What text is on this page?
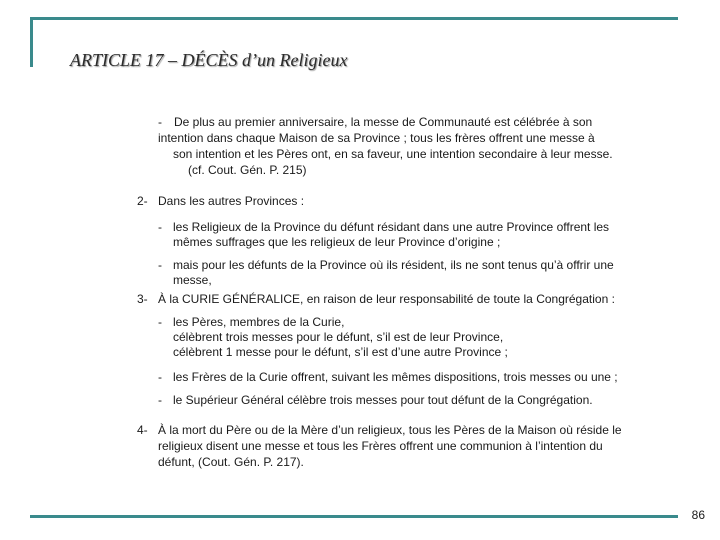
ARTICLE 17 – DÉCÈS d’un Religieux
- De plus au premier anniversaire, la messe de Communauté est célébrée à son
intention dans chaque Maison de sa Province ; tous les frères offrent une messe à
son intention et les Pères ont, en sa faveur, une intention secondaire à leur messe.
(cf. Cout. Gén. P. 215)
2- Dans les autres Provinces :
- les Religieux de la Province du défunt résidant dans une autre Province offrent les
mêmes suffrages que les religieux de leur Province d’origine ;
- mais pour les défunts de la Province où ils résident, ils ne sont tenus qu’à offrir une
messe,
3- À la CURIE GÉNÉRALICE, en raison de leur responsabilité de toute la Congrégation :
- les Pères, membres de la Curie,
célèbrent trois messes pour le défunt, s’il est de leur Province,
célèbrent 1 messe pour le défunt, s’il est d’une autre Province ;
- les Frères de la Curie offrent, suivant les mêmes dispositions, trois messes ou une ;
- le Supérieur Général célèbre trois messes pour tout défunt de la Congrégation.
4- À la mort du Père ou de la Mère d’un religieux, tous les Pères de la Maison où réside le
religieux disent une messe et tous les Frères offrent une communion à l’intention du
défunt, (Cout. Gén. P. 217).
86
